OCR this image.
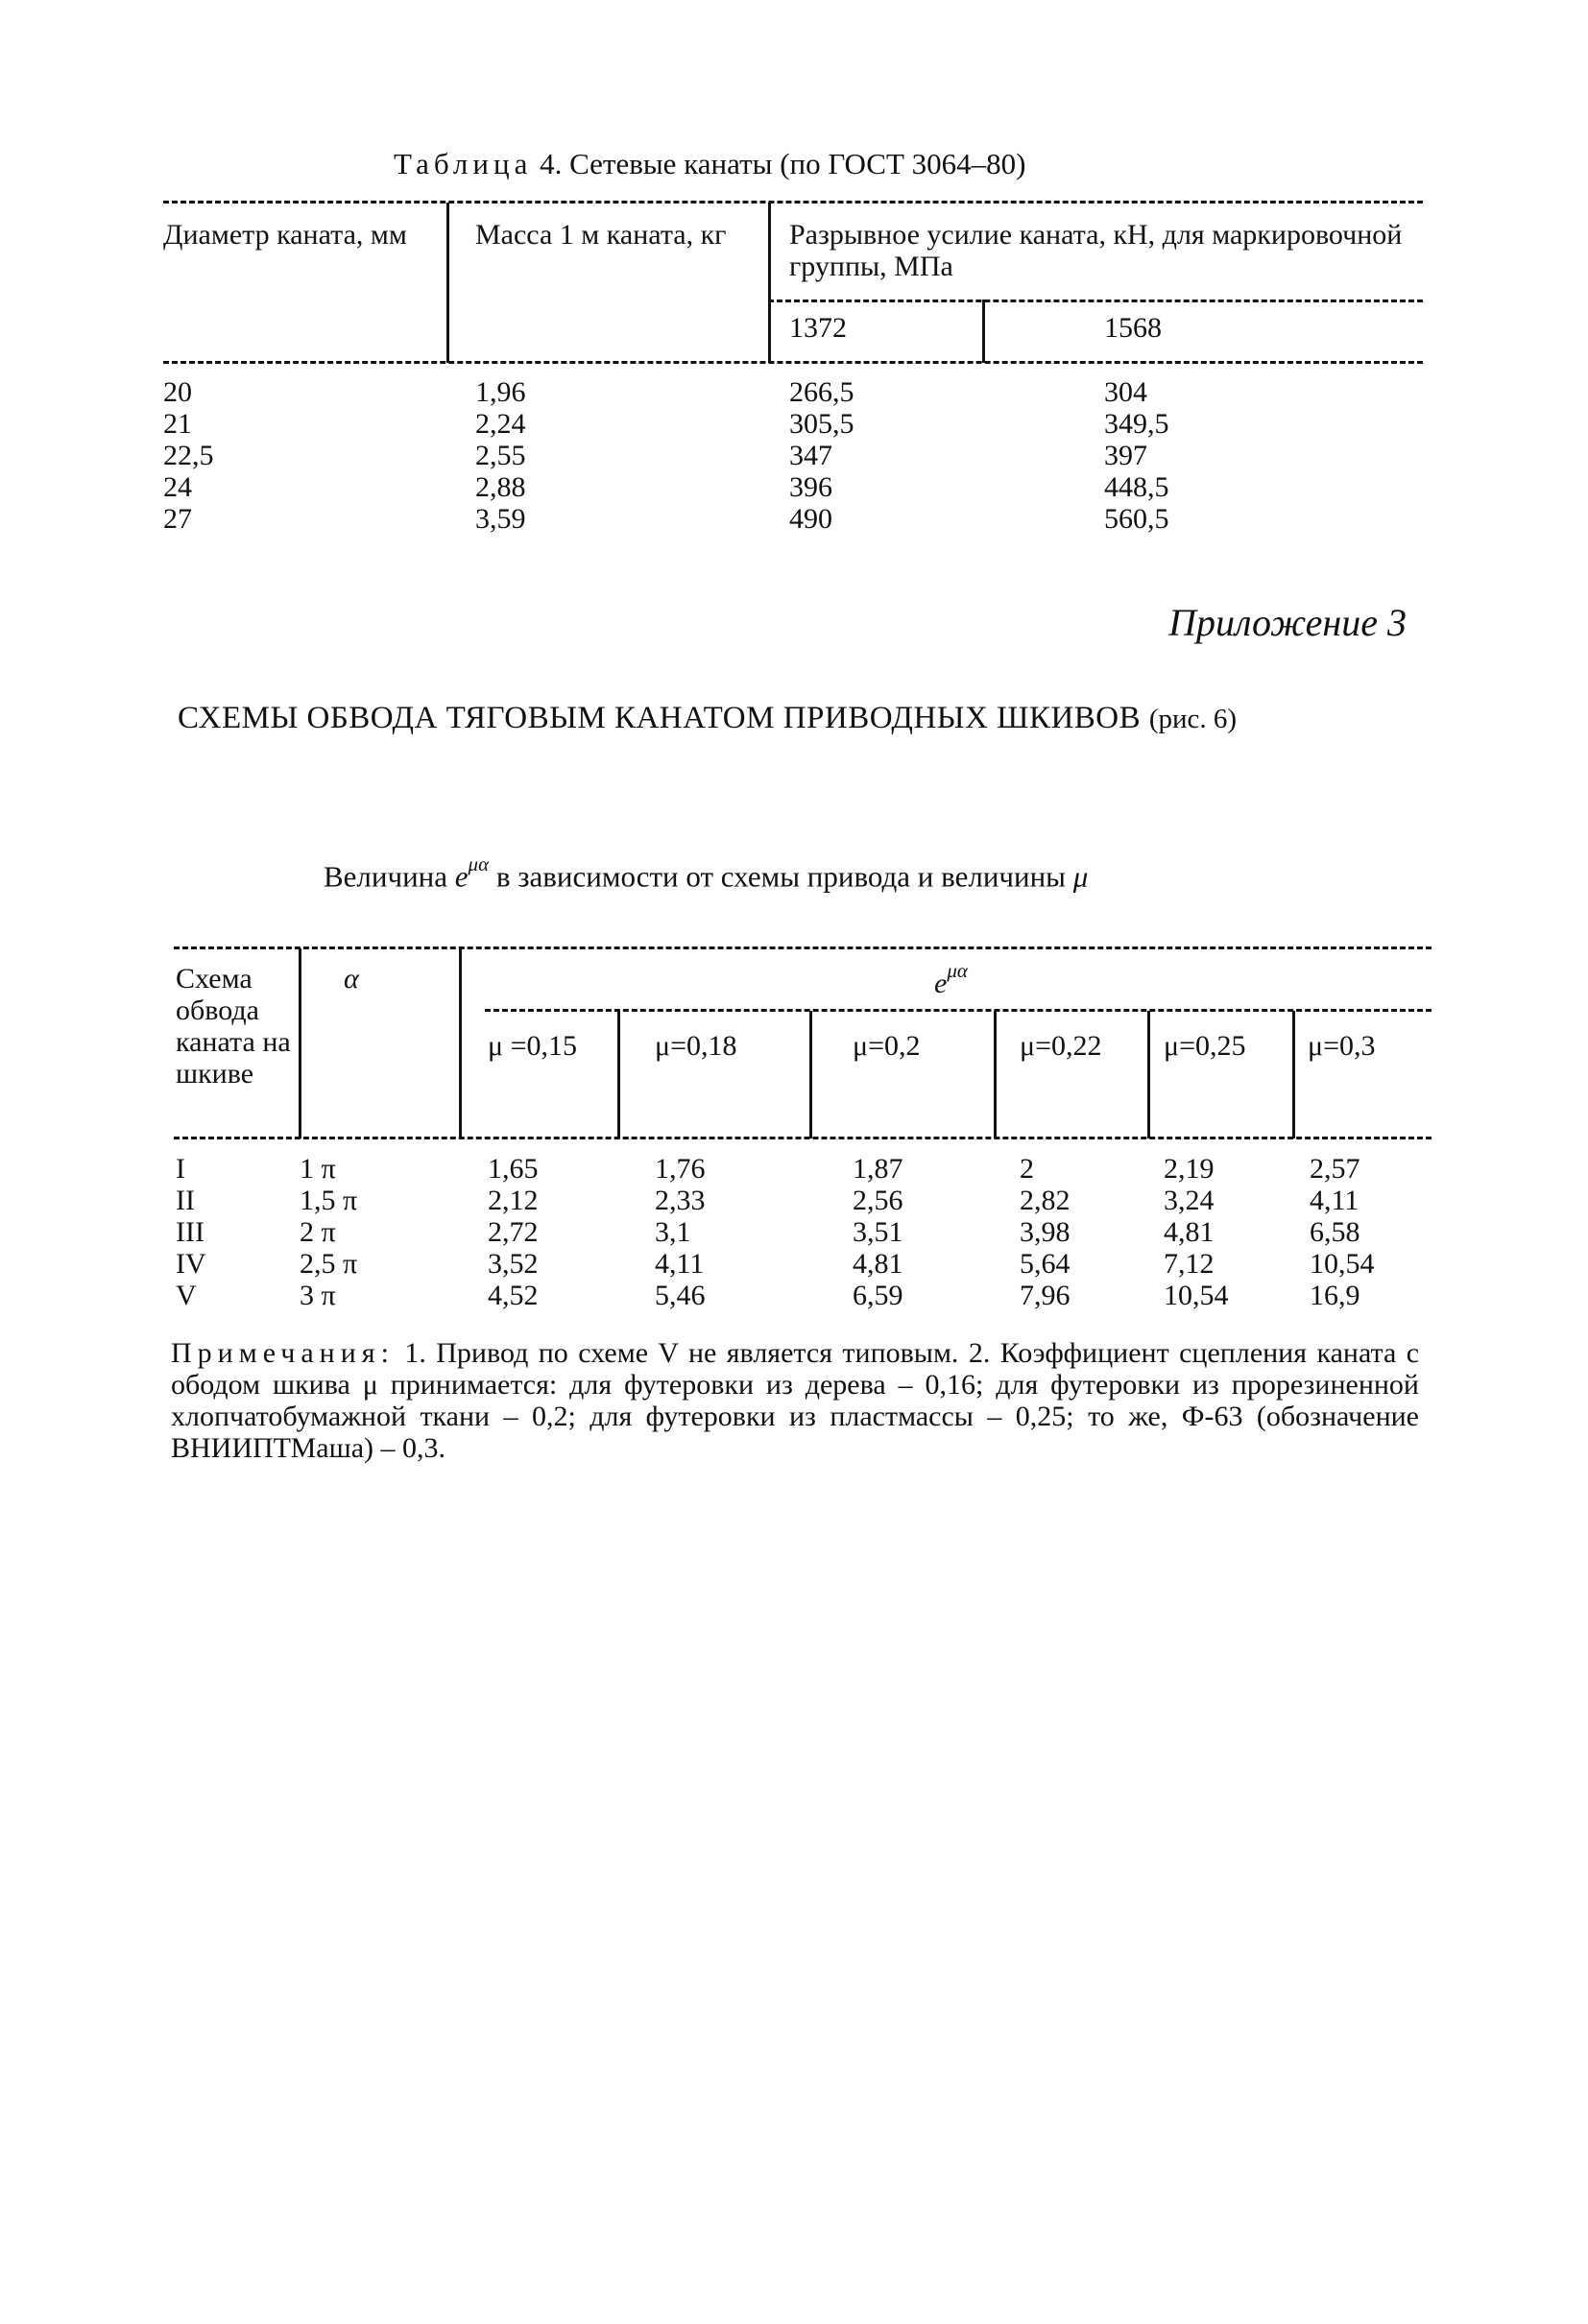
Таблица 4. Сетевые канаты (по ГОСТ 3064–80)
Диаметр каната, мм	Масса 1 м каната, кг	Разрывное усилие каната, кН, для маркировочной группы, МПа
1372	1568
20	1,96	266,5	304
21	2,24	305,5	349,5
22,5	2,55	347	397
24	2,88	396	448,5
27	3,59	490	560,5
Приложение 3
СХЕМЫ ОБВОДА ТЯГОВЫМ КАНАТОМ ПРИВОДНЫХ ШКИВОВ (рис. 6)
Величина $e^{\mu\alpha}$ в зависимости от схемы привода и величины μ
Схема обвода каната на шкиве
α	$e^{\mu\alpha}$
μ =0,15	μ=0,18	μ=0,2	μ=0,22 μ=0,25 μ=0,3
I	1 π	1,65	1,76	1,87	2	2,19	2,57
II	1,5 π	2,12	2,33	2,56	2,82	3,24	4,11
III	2 π	2,72	3,1	3,51	3,98	4,81	6,58
IV	2,5 π	3,52	4,11	4,81	5,64	7,12	10,54
V	3 π	4,52	5,46	6,59	7,96	10,54	16,9
Примечания: 1. Привод по схеме V не является типовым. 2. Коэффициент сцепления каната с ободом шкива μ принимается: для футеровки из дерева – 0,16; для футеровки из прорезиненной хлопчатобумажной ткани – 0,2; для футеровки из пластмассы – 0,25; то же, Ф-63 (обозначение ВНИИПТМаша) – 0,3.
